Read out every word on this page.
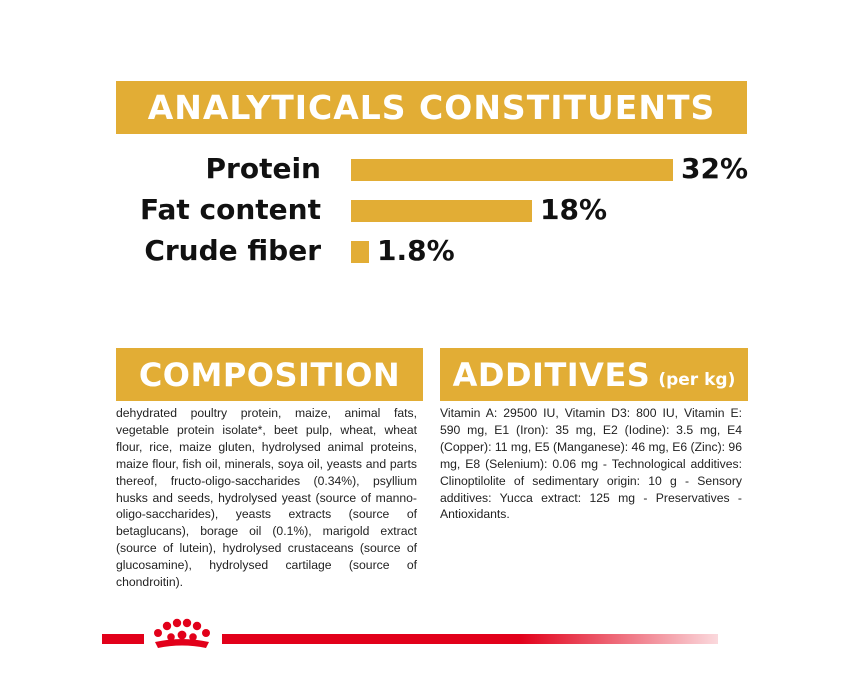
ANALYTICALS CONSTITUENTS
Protein	32%
Fat content	18%
Crude fiber 1.8%
COMPOSITION
dehydrated poultry protein, maize, animal fats, vegetable protein isolate*, beet pulp, wheat, wheat flour, rice, maize gluten, hydrolysed animal proteins, maize flour, fish oil, minerals, soya oil, yeasts and parts thereof, fructo-oligo-saccharides (0.34%), psyllium husks and seeds, hydrolysed yeast (source of manno-oligo-saccharides), yeasts extracts (source of betaglucans), borage oil (0.1%), marigold extract (source of lutein), hydrolysed crustaceans (source of glucosamine), hydrolysed cartilage (source of chondroitin).
ADDITIVES (per kg)
Vitamin A: 29500 IU, Vitamin D3: 800 IU, Vitamin E: 590 mg, E1 (Iron): 35 mg, E2 (Iodine): 3.5 mg, E4 (Copper): 11 mg, E5 (Manganese): 46 mg, E6 (Zinc): 96 mg, E8 (Selenium): 0.06 mg - Technological additives: Clinoptilolite of sedimentary origin: 10 g - Sensory additives: Yucca extract: 125 mg - Preservatives - Antioxidants.
